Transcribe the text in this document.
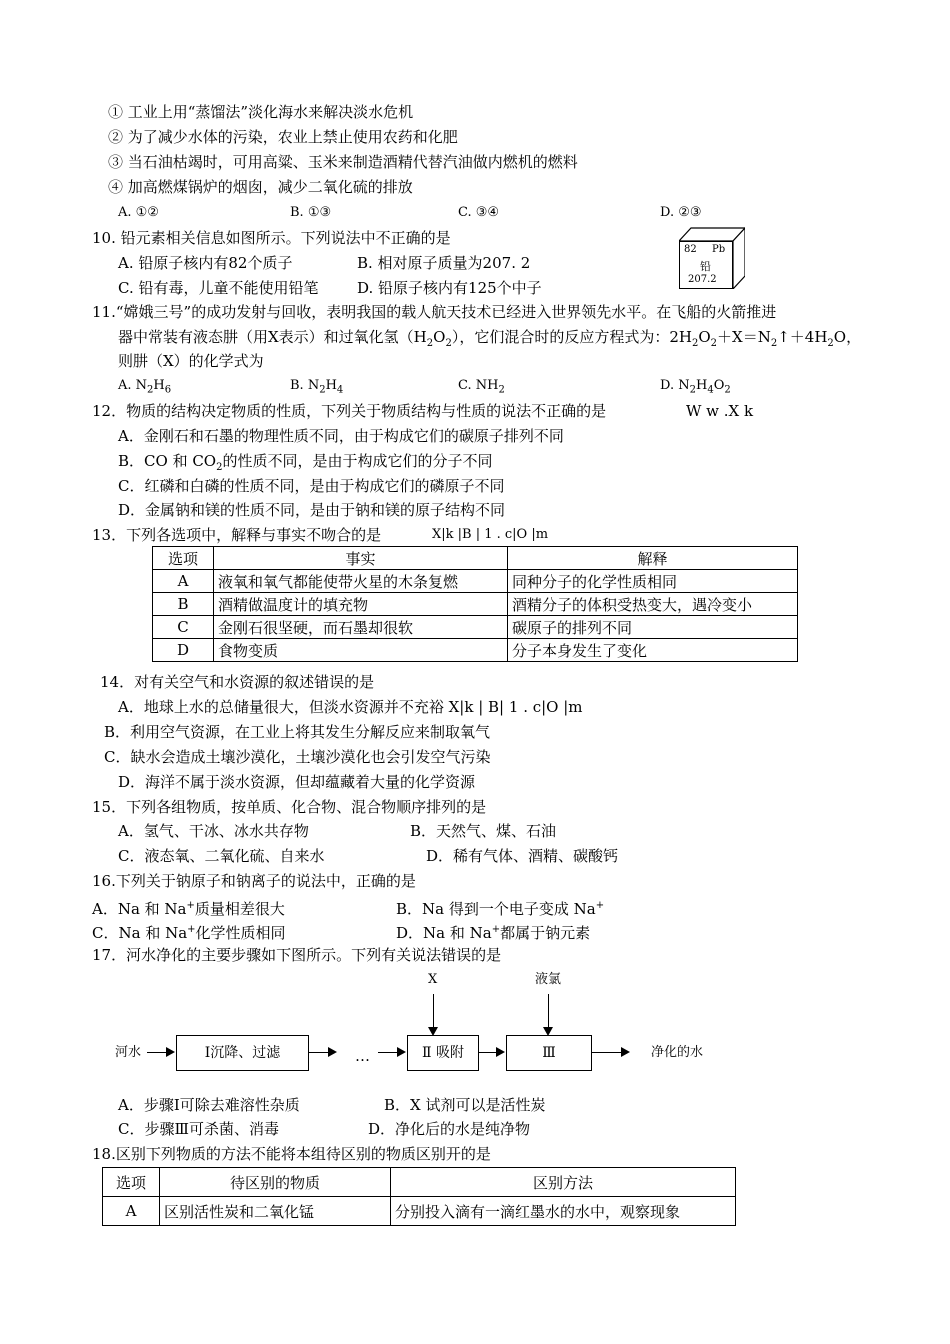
① 工业上用“蒸馏法”淡化海水来解决淡水危机
② 为了减少水体的污染，农业上禁止使用农药和化肥
③ 当石油枯竭时，可用高粱、玉米来制造酒精代替汽油做内燃机的燃料
④ 加高燃煤锅炉的烟囱，减少二氧化硫的排放
A. ①②	B. ①③	C. ③④	D. ②③
10. 铅元素相关信息如图所示。下列说法中不正确的是
A. 铅原子核内有82个质子	B. 相对原子质量为207. 2
C. 铅有毒，儿童不能使用铅笔	D. 铅原子核内有125个中子
82 Pb
铅
207.2
11.“嫦娥三号”的成功发射与回收，表明我国的载人航天技术已经进入世界领先水平。在飞船的火箭推进
器中常装有液态肼（用X表示）和过氧化氢$(H_2O_2)$，它们混合时的反应方程式为：$2H_2O_2+X=N_2↑+4H_2O$，
则肼（X）的化学式为
A. $N_2H_6$	B. $N_2H_4$	C. $NH_2$	D. $N_2H_4O_2$
12．物质的结构决定物质的性质，下列关于物质结构与性质的说法不正确的是	W w .X k
A．金刚石和石墨的物理性质不同，由于构成它们的碳原子排列不同
B．CO 和 $CO_2$的性质不同，是由于构成它们的分子不同
C．红磷和白磷的性质不同，是由于构成它们的磷原子不同
D．金属钠和镁的性质不同，是由于钠和镁的原子结构不同
13．下列各选项中，解释与事实不吻合的是	X|k |B | 1 . c|O |m
选项	事实	解释
A	液氧和氧气都能使带火星的木条复燃	同种分子的化学性质相同
B	酒精做温度计的填充物	酒精分子的体积受热变大，遇冷变小
C	金刚石很坚硬，而石墨却很软	碳原子的排列不同
D	食物变质	分子本身发生了变化
14．对有关空气和水资源的叙述错误的是
A．地球上水的总储量很大，但淡水资源并不充裕 X|k | B| 1 . c|O |m
B．利用空气资源，在工业上将其发生分解反应来制取氧气
C．缺水会造成土壤沙漠化，土壤沙漠化也会引发空气污染
D．海洋不属于淡水资源，但却蕴藏着大量的化学资源
15．下列各组物质，按单质、化合物、混合物顺序排列的是
A．氢气、干冰、冰水共存物	B．天然气、煤、石油
C．液态氧、二氧化硫、自来水	D．稀有气体、酒精、碳酸钙
16.下列关于钠原子和钠离子的说法中，正确的是
A．Na 和 Na+质量相差很大	B．Na 得到一个电子变成 Na+
C．Na 和 Na+化学性质相同	D．Na 和 Na+都属于钠元素
17．河水净化的主要步骤如下图所示。下列有关说法错误的是
X	液氯
河水	Ⅰ沉降、过滤	…	Ⅱ 吸附	Ⅲ	净化的水
A．步骤Ⅰ可除去难溶性杂质	B．X 试剂可以是活性炭
C．步骤Ⅲ可杀菌、消毒	D．净化后的水是纯净物
18.区别下列物质的方法不能将本组待区别的物质区别开的是
选项	待区别的物质	区别方法
A	区别活性炭和二氧化锰	分别投入滴有一滴红墨水的水中，观察现象
